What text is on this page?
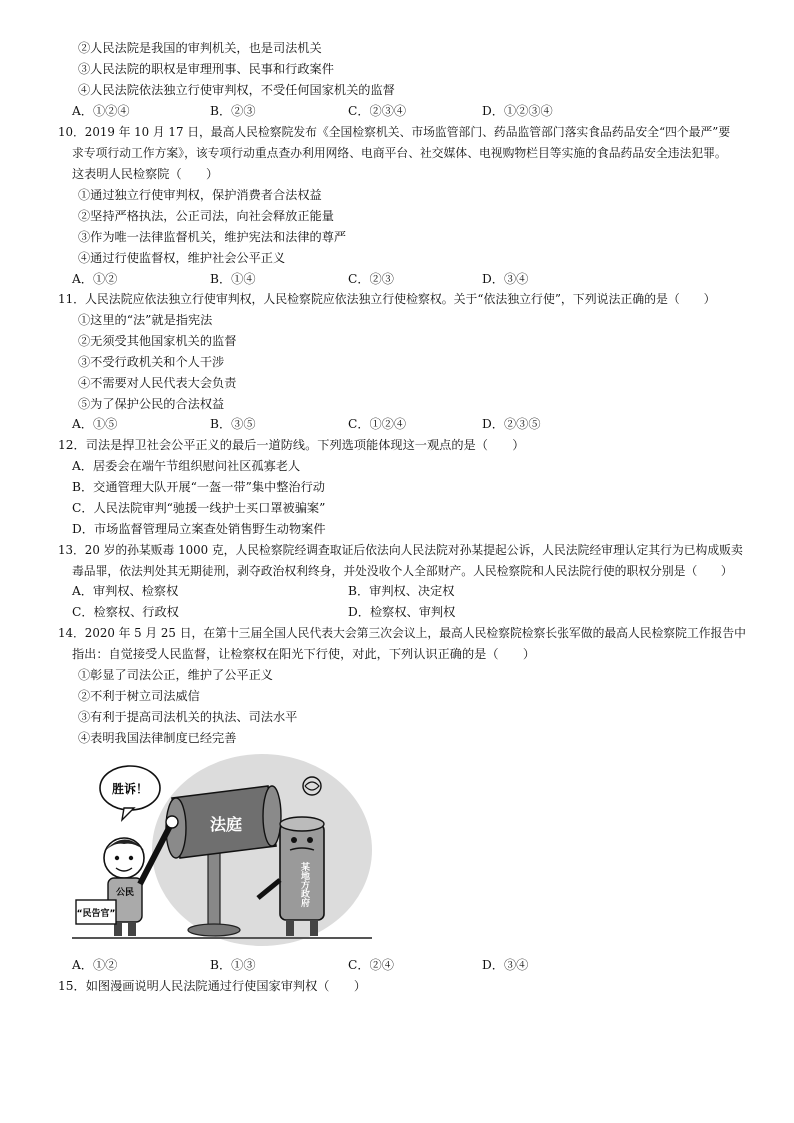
②人民法院是我国的审判机关，也是司法机关
③人民法院的职权是审理刑事、民事和行政案件
④人民法院依法独立行使审判权，不受任何国家机关的监督
A．①②④	B．②③	C．②③④	D．①②③④
10．2019 年 10 月 17 日，最高人民检察院发布《全国检察机关、市场监管部门、药品监管部门落实食品药品安全“四个最严”要
求专项行动工作方案》，该专项行动重点查办利用网络、电商平台、社交媒体、电视购物栏目等实施的食品药品安全违法犯罪。
这表明人民检察院（　　）
①通过独立行使审判权，保护消费者合法权益
②坚持严格执法，公正司法，向社会释放正能量
③作为唯一法律监督机关，维护宪法和法律的尊严
④通过行使监督权，维护社会公平正义
A．①②	B．①④	C．②③	D．③④
11．人民法院应依法独立行使审判权，人民检察院应依法独立行使检察权。关于“依法独立行使”，下列说法正确的是（　　）
①这里的“法”就是指宪法
②无须受其他国家机关的监督
③不受行政机关和个人干涉
④不需要对人民代表大会负责
⑤为了保护公民的合法权益
A．①⑤	B．③⑤	C．①②④	D．②③⑤
12．司法是捍卫社会公平正义的最后一道防线。下列选项能体现这一观点的是（　　）
A．居委会在端午节组织慰问社区孤寡老人
B．交通管理大队开展“一盔一带”集中整治行动
C．人民法院审判“驰援一线护士买口罩被骗案”
D．市场监督管理局立案查处销售野生动物案件
13．20 岁的孙某贩毒 1000 克，人民检察院经调查取证后依法向人民法院对孙某提起公诉，人民法院经审理认定其行为已构成贩卖
毒品罪，依法判处其无期徒刑，剥夺政治权利终身，并处没收个人全部财产。人民检察院和人民法院行使的职权分别是（　　）
A．审判权、检察权	B．审判权、决定权
C．检察权、行政权	D．检察权、审判权
14．2020 年 5 月 25 日，在第十三届全国人民代表大会第三次会议上，最高人民检察院检察长张军做的最高人民检察院工作报告中
指出：自觉接受人民监督，让检察权在阳光下行使，对此，下列认识正确的是（　　）
①彰显了司法公正，维护了公平正义
②不利于树立司法威信
③有利于提高司法机关的执法、司法水平
④表明我国法律制度已经完善
胜诉！
法庭
公民
“民告官”
某地方政府
A．①②	B．①③	C．②④	D．③④
15．如图漫画说明人民法院通过行使国家审判权（　　）
